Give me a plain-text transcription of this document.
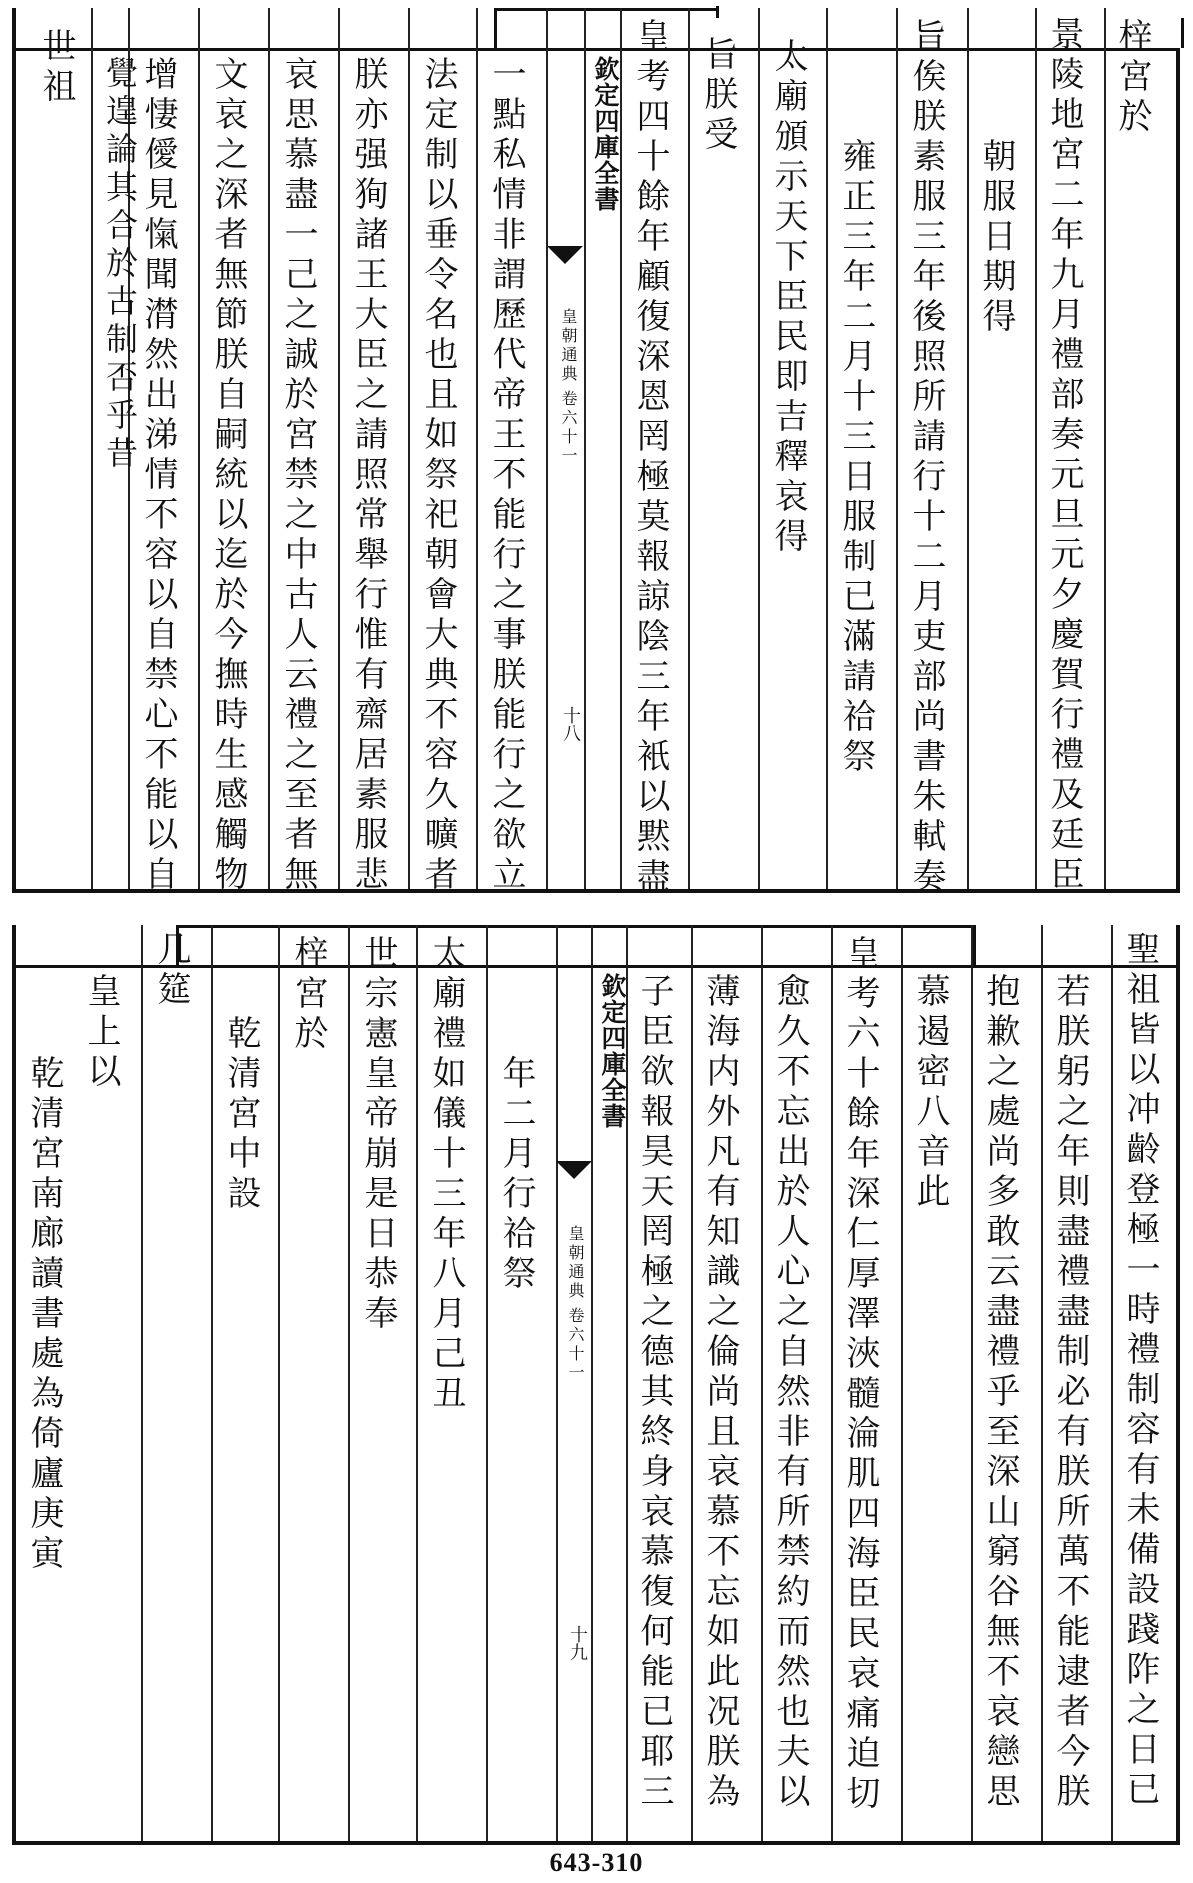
梓宮於
景陵地宮二年九月禮部奏元旦元夕慶賀行禮及廷臣
朝服日期得
旨俟朕素服三年後照所請行十二月吏部尚書朱軾奏
雍正三年二月十三日服制已滿請祫祭
太廟頒示天下臣民即吉釋哀得
旨朕受
皇考四十餘年顧復深恩罔極莫報諒陰三年衹以黙盡
欽定四庫全書
皇朝通典
卷六十一
十八
一點私情非謂歷代帝王不能行之事朕能行之欲立
法定制以垂令名也且如祭祀朝會大典不容久曠者
朕亦强狥諸王大臣之請照常舉行惟有齋居素服悲
哀思慕盡一己之誠於宮禁之中古人云禮之至者無
文哀之深者無節朕自嗣統以迄於今撫時生感觸物
增悽僾見愾聞潸然出涕情不容以自禁心不能以自
覺遑論其合於古制否乎昔
世祖
聖祖皆以冲齡登極一時禮制容有未備設踐阼之日已
若朕躬之年則盡禮盡制必有朕所萬不能逮者今朕
抱歉之處尚多敢云盡禮乎至深山窮谷無不哀戀思
慕遏密八音此
皇考六十餘年深仁厚澤浹髓淪肌四海臣民哀痛迫切
愈久不忘出於人心之自然非有所禁約而然也夫以
薄海内外凡有知識之倫尚且哀慕不忘如此况朕為
子臣欲報昊天罔極之德其終身哀慕復何能已耶三
欽定四庫全書
皇朝通典
卷六十一
十九
年二月行祫祭
太廟禮如儀十三年八月己丑
世宗憲皇帝崩是日恭奉
梓宮於
乾清宮中設
几筵
皇上以
乾清宮南廊讀書處為倚廬庚寅
643-310
